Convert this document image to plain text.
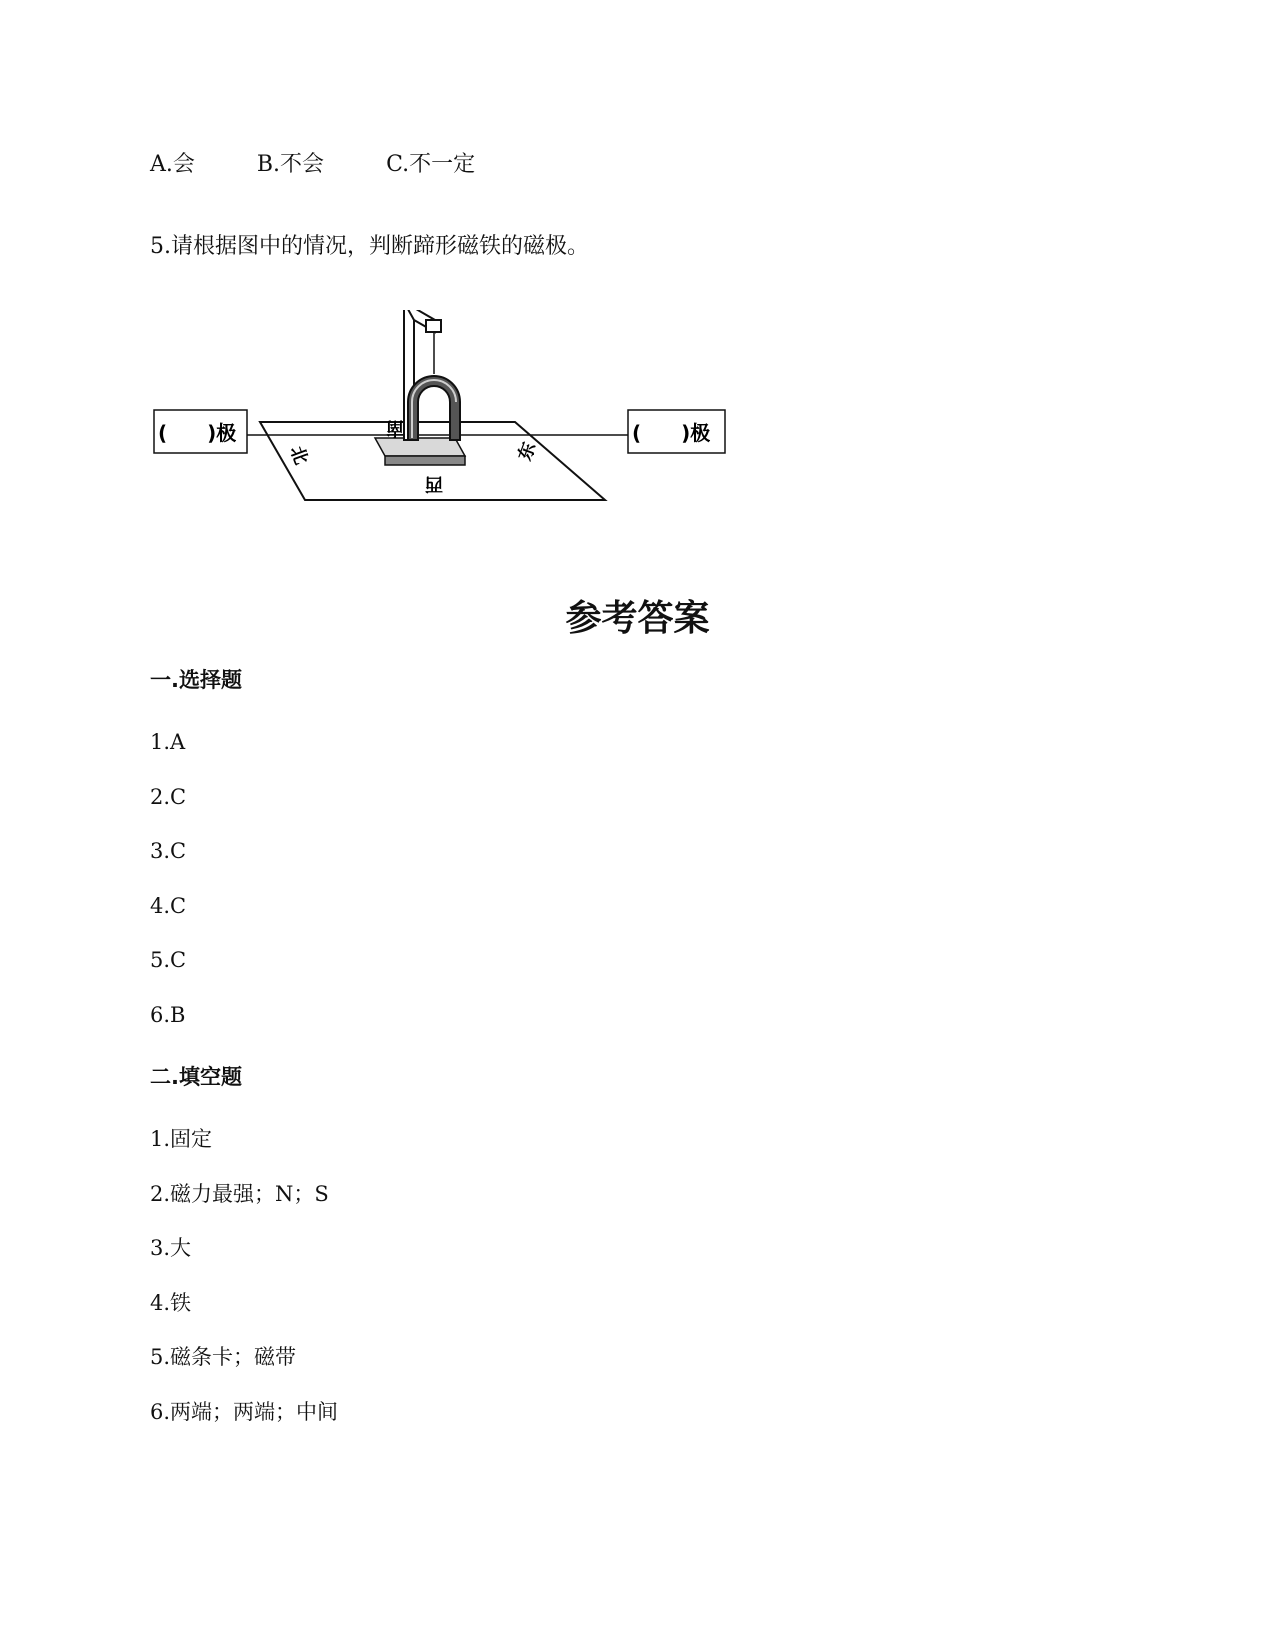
A.会	B.不会	C.不一定
5.请根据图中的情况，判断蹄形磁铁的磁极。
(　　)极	(　　)极
北
南
西
东
参考答案
一.选择题
1.A
2.C
3.C
4.C
5.C
6.B
二.填空题
1.固定
2.磁力最强；N；S
3.大
4.铁
5.磁条卡；磁带
6.两端；两端；中间
